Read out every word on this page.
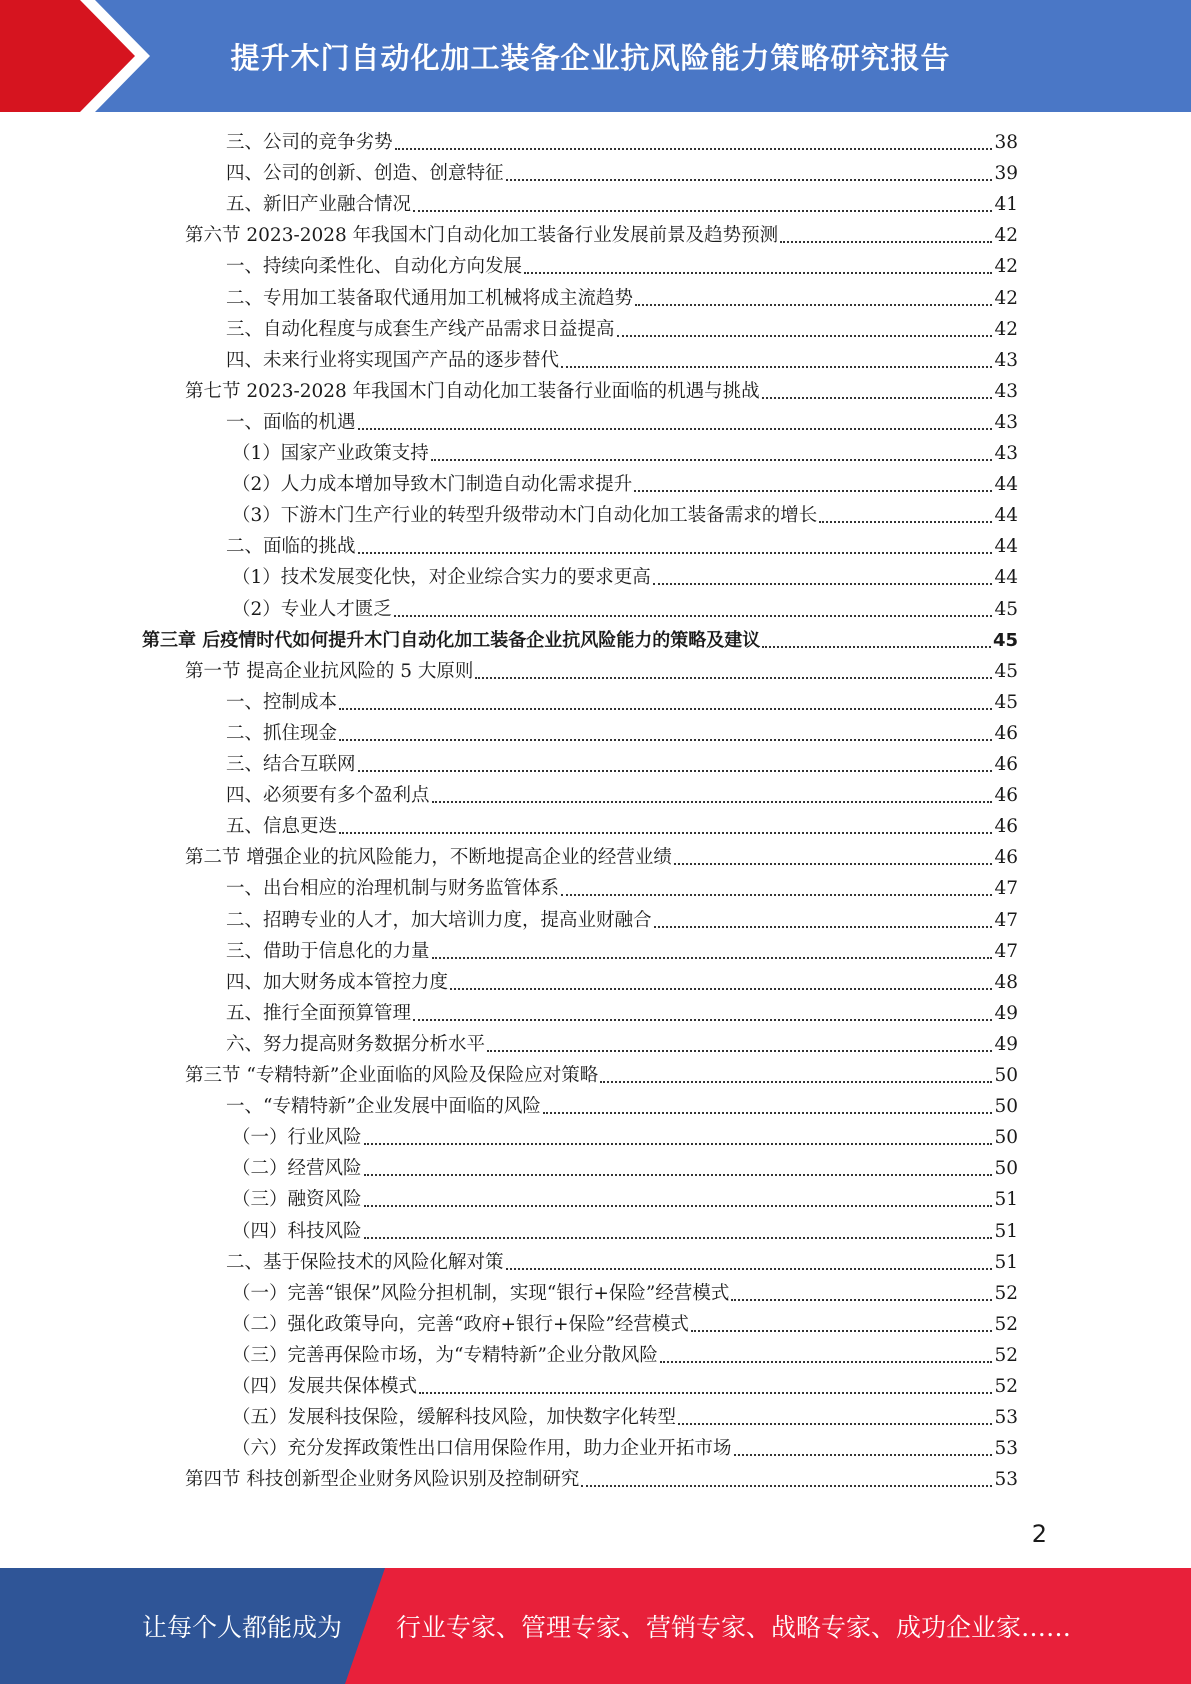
提升木门自动化加工装备企业抗风险能力策略研究报告
三、公司的竞争劣势	38
四、公司的创新、创造、创意特征	39
五、新旧产业融合情况	41
第六节 2023-2028 年我国木门自动化加工装备行业发展前景及趋势预测	42
一、持续向柔性化、自动化方向发展	42
二、专用加工装备取代通用加工机械将成主流趋势	42
三、自动化程度与成套生产线产品需求日益提高	42
四、未来行业将实现国产产品的逐步替代	43
第七节 2023-2028 年我国木门自动化加工装备行业面临的机遇与挑战	43
一、面临的机遇	43
（1）国家产业政策支持	43
（2）人力成本增加导致木门制造自动化需求提升	44
（3）下游木门生产行业的转型升级带动木门自动化加工装备需求的增长	44
二、面临的挑战	44
（1）技术发展变化快，对企业综合实力的要求更高	44
（2）专业人才匮乏	45
第三章 后疫情时代如何提升木门自动化加工装备企业抗风险能力的策略及建议	45
第一节 提高企业抗风险的 5 大原则	45
一、控制成本	45
二、抓住现金	46
三、结合互联网	46
四、必须要有多个盈利点	46
五、信息更迭	46
第二节 增强企业的抗风险能力，不断地提高企业的经营业绩	46
一、出台相应的治理机制与财务监管体系	47
二、招聘专业的人才，加大培训力度，提高业财融合	47
三、借助于信息化的力量	47
四、加大财务成本管控力度	48
五、推行全面预算管理	49
六、努力提高财务数据分析水平	49
第三节 “专精特新”企业面临的风险及保险应对策略	50
一、“专精特新”企业发展中面临的风险	50
（一）行业风险	50
（二）经营风险	50
（三）融资风险	51
（四）科技风险	51
二、基于保险技术的风险化解对策	51
（一）完善“银保”风险分担机制，实现“银行+保险”经营模式	52
（二）强化政策导向，完善“政府+银行+保险”经营模式	52
（三）完善再保险市场，为“专精特新”企业分散风险	52
（四）发展共保体模式	52
（五）发展科技保险，缓解科技风险，加快数字化转型	53
（六）充分发挥政策性出口信用保险作用，助力企业开拓市场	53
第四节 科技创新型企业财务风险识别及控制研究	53
2
让每个人都能成为 行业专家、管理专家、营销专家、战略专家、成功企业家……
